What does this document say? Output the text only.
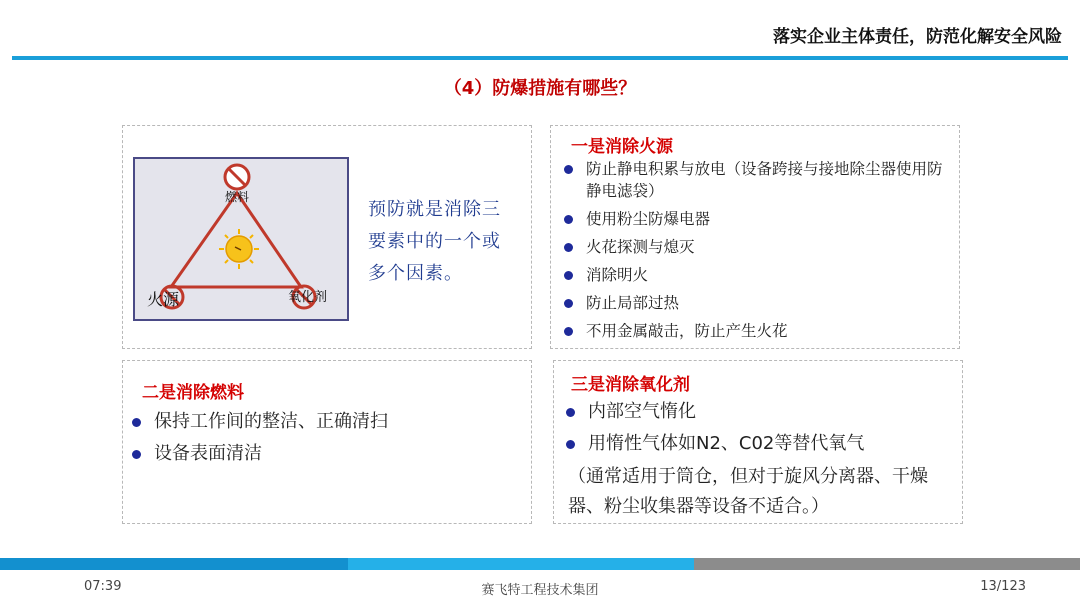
落实企业主体责任，防范化解安全风险
（4）防爆措施有哪些？
燃料
火源	氧化剂
预防就是消除三要素中的一个或多个因素。
一是消除火源
防止静电积累与放电（设备跨接与接地除尘器使用防静电滤袋）
使用粉尘防爆电器
火花探测与熄灭
消除明火
防止局部过热
不用金属敲击，防止产生火花
二是消除燃料
保持工作间的整洁、正确清扫
设备表面清洁
三是消除氧化剂
内部空气惰化
用惰性气体如N2、C02等替代氧气
（通常适用于筒仓，但对于旋风分离器、干燥器、粉尘收集器等设备不适合。）
07:39	赛飞特工程技术集团	13/123
